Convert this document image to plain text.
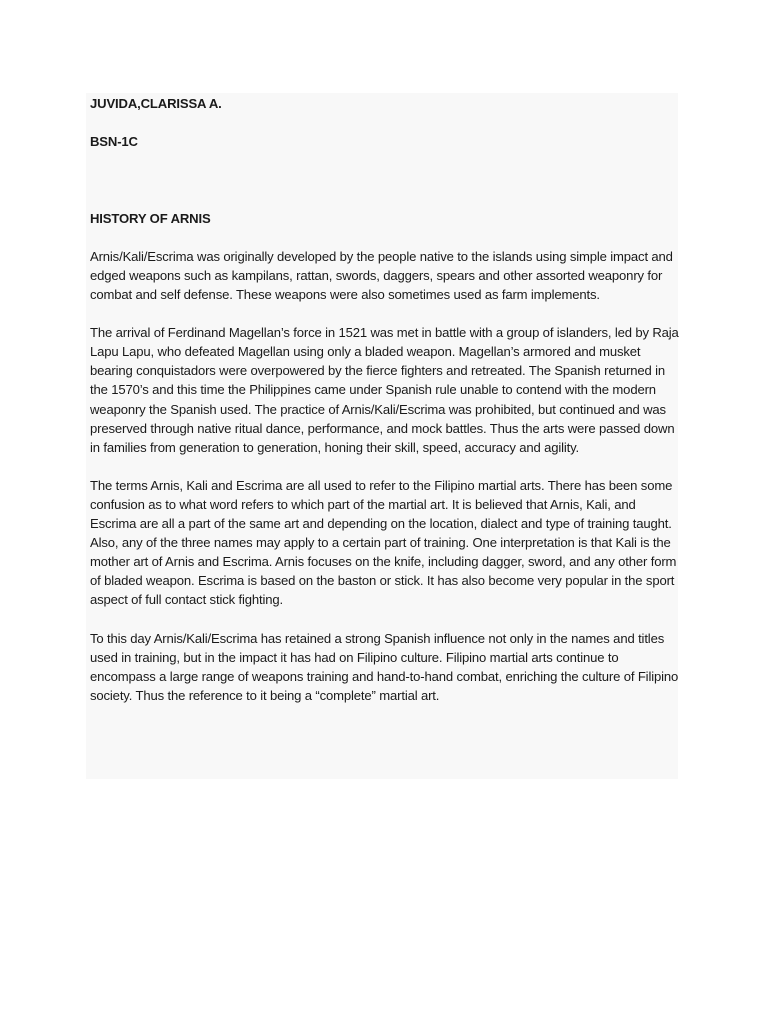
JUVIDA,CLARISSA A.

BSN-1C

HISTORY OF ARNIS

Arnis/Kali/Escrima was originally developed by the people native to the islands using simple impact and edged weapons such as kampilans, rattan, swords, daggers, spears and other assorted weaponry for combat and self defense. These weapons were also sometimes used as farm implements.

The arrival of Ferdinand Magellan’s force in 1521 was met in battle with a group of islanders, led by Raja Lapu Lapu, who defeated Magellan using only a bladed weapon. Magellan’s armored and musket bearing conquistadors were overpowered by the fierce fighters and retreated. The Spanish returned in the 1570’s and this time the Philippines came under Spanish rule unable to contend with the modern weaponry the Spanish used. The practice of Arnis/Kali/Escrima was prohibited, but continued and was preserved through native ritual dance, performance, and mock battles. Thus the arts were passed down in families from generation to generation, honing their skill, speed, accuracy and agility.

The terms Arnis, Kali and Escrima are all used to refer to the Filipino martial arts. There has been some confusion as to what word refers to which part of the martial art. It is believed that Arnis, Kali, and Escrima are all a part of the same art and depending on the location, dialect and type of training taught. Also, any of the three names may apply to a certain part of training. One interpretation is that Kali is the mother art of Arnis and Escrima. Arnis focuses on the knife, including dagger, sword, and any other form of bladed weapon. Escrima is based on the baston or stick. It has also become very popular in the sport aspect of full contact stick fighting.

To this day Arnis/Kali/Escrima has retained a strong Spanish influence not only in the names and titles used in training, but in the impact it has had on Filipino culture. Filipino martial arts continue to encompass a large range of weapons training and hand-to-hand combat, enriching the culture of Filipino society. Thus the reference to it being a “complete” martial art.
